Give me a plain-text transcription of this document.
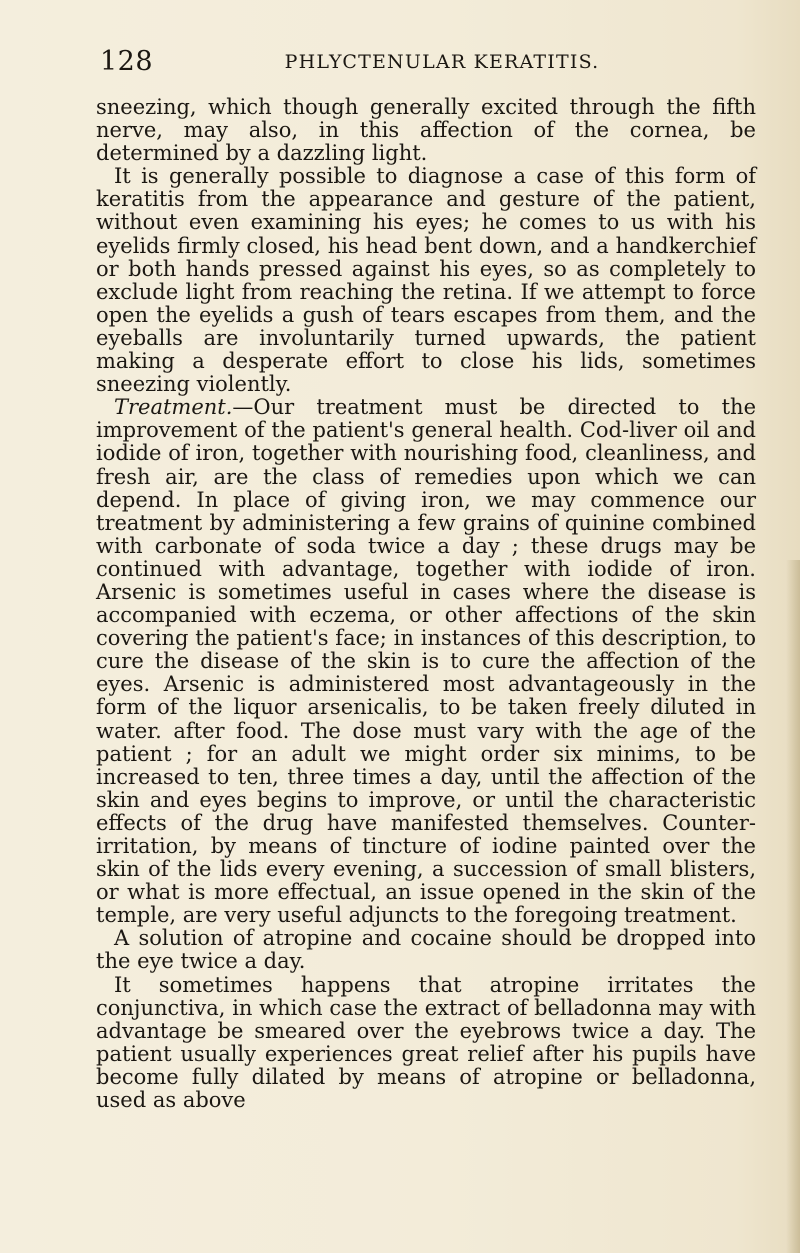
128	PHLYCTENULAR KERATITIS.

sneezing, which though generally excited through the fifth nerve, may also, in this affection of the cornea, be determined by a dazzling light.

It is generally possible to diagnose a case of this form of keratitis from the appearance and gesture of the patient, without even examining his eyes; he comes to us with his eyelids firmly closed, his head bent down, and a handkerchief or both hands pressed against his eyes, so as completely to exclude light from reaching the retina. If we attempt to force open the eyelids a gush of tears escapes from them, and the eyeballs are involuntarily turned upwards, the patient making a desperate effort to close his lids, sometimes sneezing violently.

Treatment.—Our treatment must be directed to the improvement of the patient's general health. Cod-liver oil and iodide of iron, together with nourishing food, cleanliness, and fresh air, are the class of remedies upon which we can depend. In place of giving iron, we may commence our treatment by administering a few grains of quinine combined with carbonate of soda twice a day ; these drugs may be continued with advantage, together with iodide of iron. Arsenic is sometimes useful in cases where the disease is accompanied with eczema, or other affections of the skin covering the patient's face; in instances of this description, to cure the disease of the skin is to cure the affection of the eyes. Arsenic is administered most advantageously in the form of the liquor arsenicalis, to be taken freely diluted in water. after food. The dose must vary with the age of the patient ; for an adult we might order six minims, to be increased to ten, three times a day, until the affection of the skin and eyes begins to improve, or until the characteristic effects of the drug have manifested themselves. Counter-irritation, by means of tincture of iodine painted over the skin of the lids every evening, a succession of small blisters, or what is more effectual, an issue opened in the skin of the temple, are very useful adjuncts to the foregoing treatment.

A solution of atropine and cocaine should be dropped into the eye twice a day.

It sometimes happens that atropine irritates the conjunctiva, in which case the extract of belladonna may with advantage be smeared over the eyebrows twice a day. The patient usually experiences great relief after his pupils have become fully dilated by means of atropine or belladonna, used as above
